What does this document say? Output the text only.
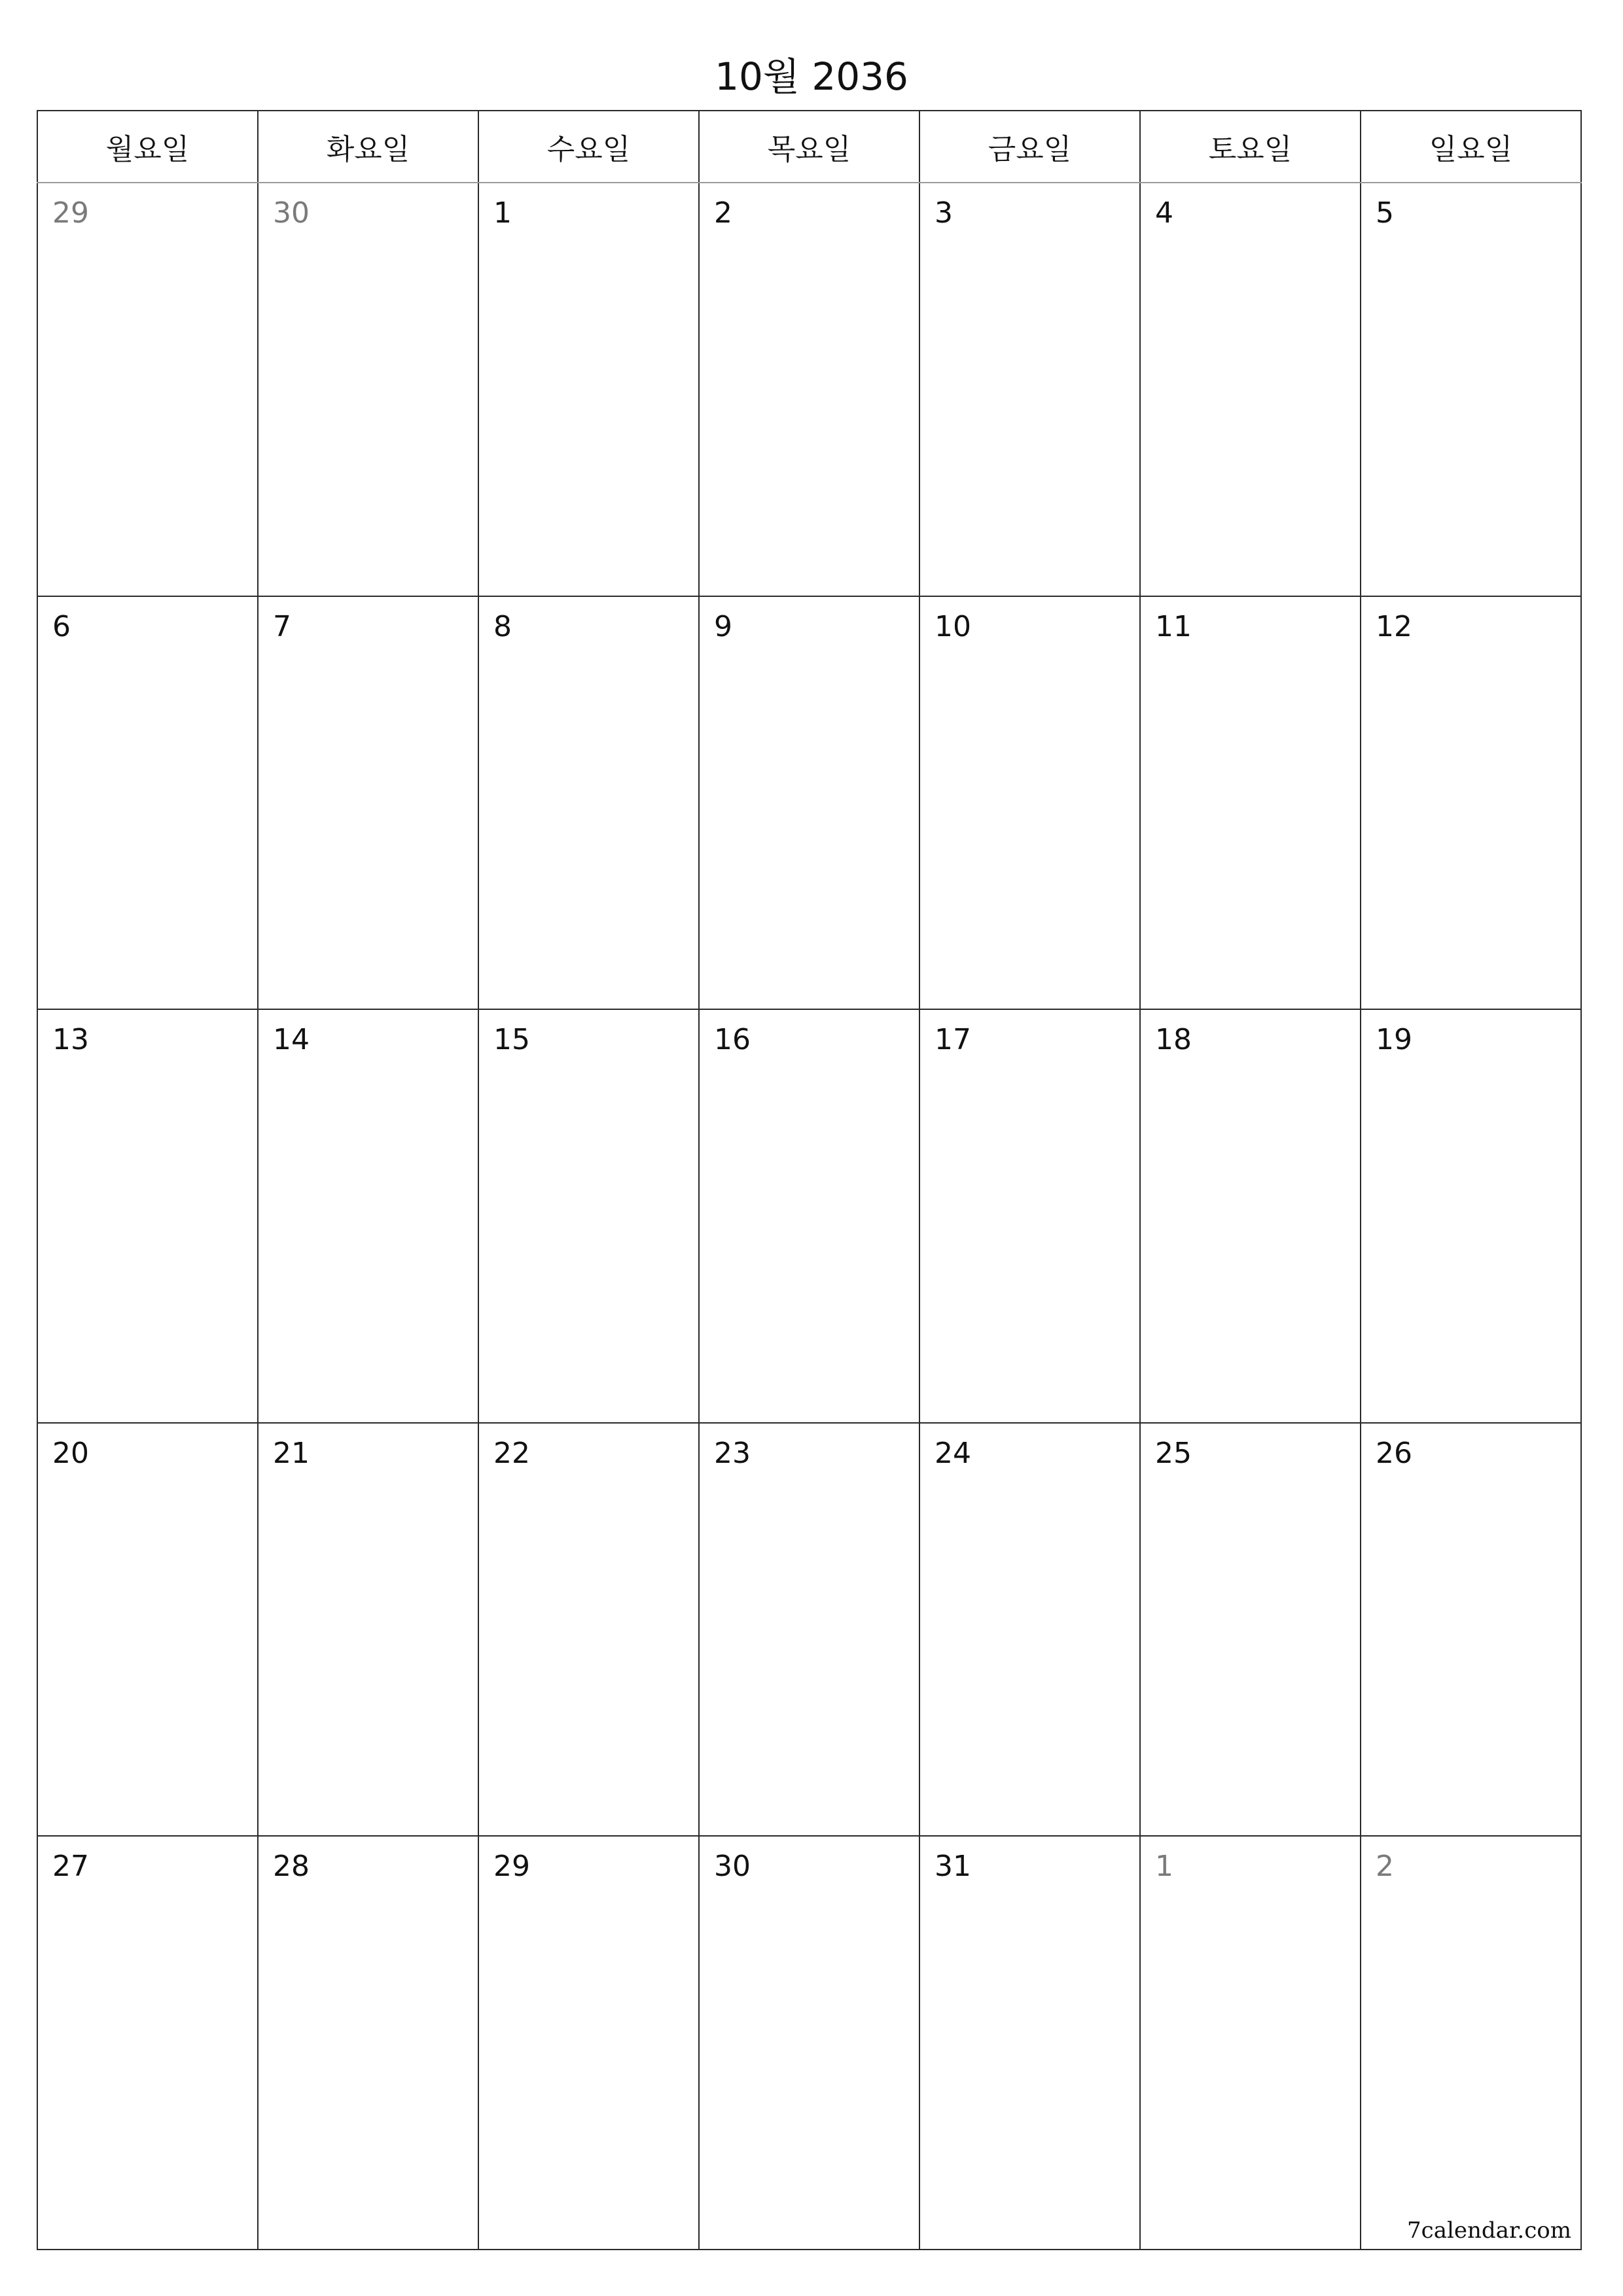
10월 2036
월요일	화요일	수요일	목요일	금요일	토요일	일요일

29	30	1	2	3	4	5

6	7	8	9	10	11	12

13	14	15	16	17	18	19

20	21	22	23	24	25	26

27	28	29	30	31	1	2
7calendar.com
